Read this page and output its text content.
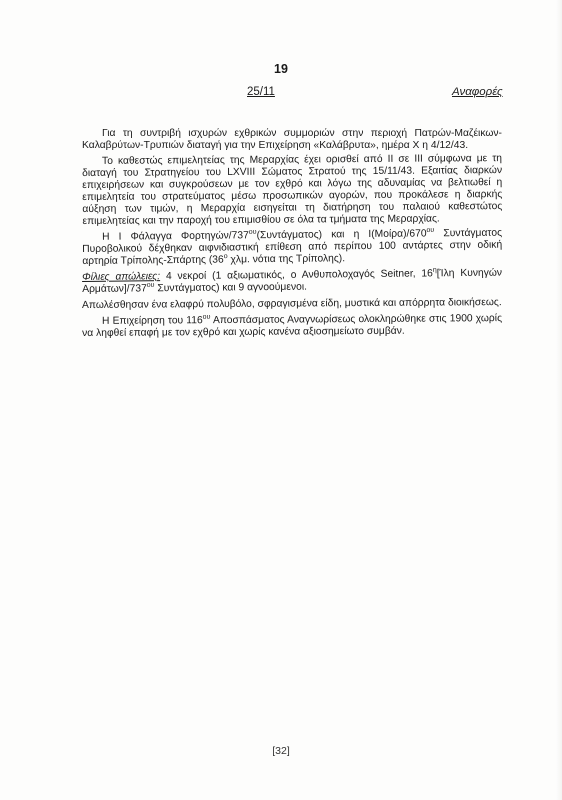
19
25/11	Αναφορές

Για τη συντριβή ισχυρών εχθρικών συμμοριών στην περιοχή Πατρών-Μαζέικων-Καλαβρύτων-Τρυπιών διαταγή για την Επιχείρηση «Καλάβρυτα», ημέρα Χ η 4/12/43.

Το καθεστώς επιμελητείας της Μεραρχίας έχει ορισθεί από ΙΙ σε ΙΙΙ σύμφωνα με τη διαταγή του Στρατηγείου του LXVIII Σώματος Στρατού της 15/11/43. Εξαιτίας διαρκών επιχειρήσεων και συγκρούσεων με τον εχθρό και λόγω της αδυναμίας να βελτιωθεί η επιμελητεία του στρατεύματος μέσω προσωπικών αγορών, που προκάλεσε η διαρκής αύξηση των τιμών, η Μεραρχία εισηγείται τη διατήρηση του παλαιού καθεστώτος επιμελητείας και την παροχή του επιμισθίου σε όλα τα τμήματα της Μεραρχίας.

Η Ι Φάλαγγα Φορτηγών/$737^{o\upsilon}(\Sigma\upsilon\nu\tau ά\gamma\mu\alpha\tau o\varsigma)$ και η $I(Moί\rho\alpha)/670^{o\upsilon}$ Συντάγματος Πυροβολικού δέχθηκαν αιφνιδιαστική επίθεση από περίπου 100 αντάρτες στην οδική αρτηρία Τρίπολης-Σπάρτης ($36^o$ χλμ. νότια της Τρίπολης).

Φίλιες απώλειες: 4 νεκροί (1 αξιωματικός, ο Ανθυπολοχαγός Seitner, $16^\eta[Ί\lambda\eta$ Κυνηγών $A\rho\mu ά\tau\omega\nu]/737^{o\upsilon}$ Συντάγματος) και 9 αγνοούμενοι.

Απωλέσθησαν ένα ελαφρύ πολυβόλο, σφραγισμένα είδη, μυστικά και απόρρητα διοικήσεως.

Η Επιχείρηση του $116^{o\upsilon}$ Αποσπάσματος Αναγνωρίσεως ολοκληρώθηκε στις 1900 χωρίς να ληφθεί επαφή με τον εχθρό και χωρίς κανένα αξιοσημείωτο συμβάν.

[32]
